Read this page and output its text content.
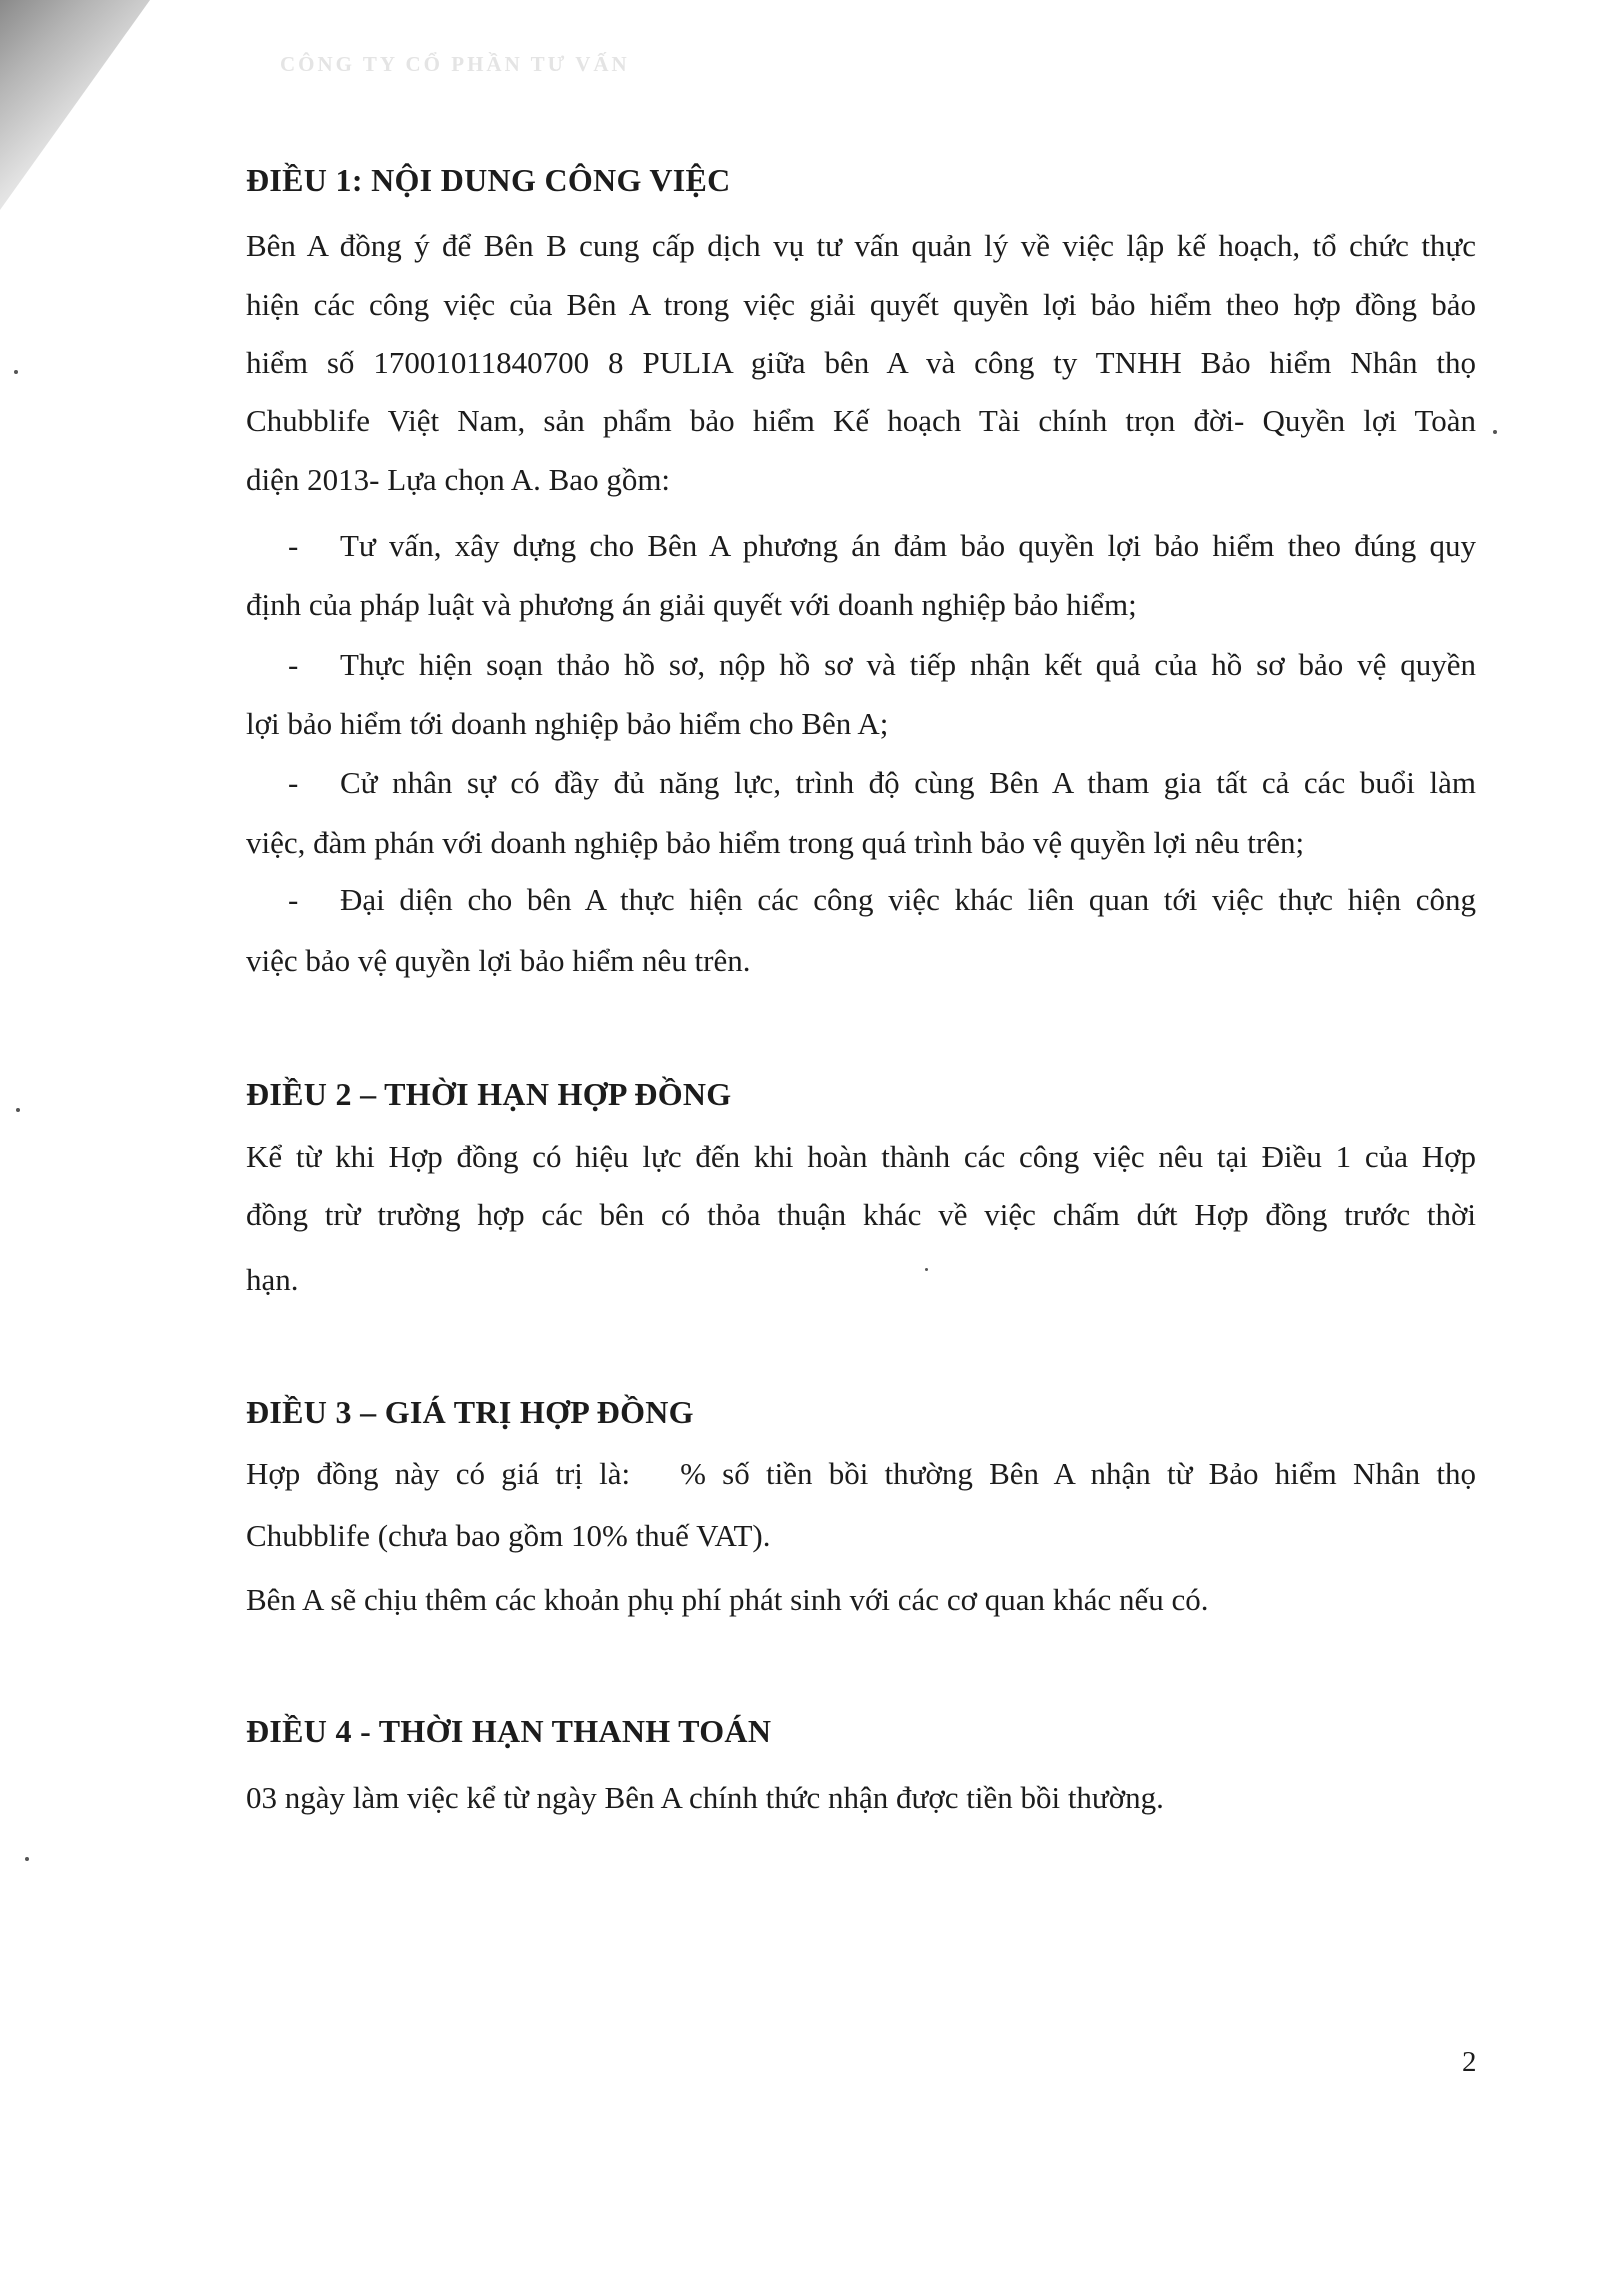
CÔNG TY CỔ PHẦN TƯ VẤN
ĐIỀU 1: NỘI DUNG CÔNG VIỆC
Bên A đồng ý để Bên B cung cấp dịch vụ tư vấn quản lý về việc lập kế hoạch, tổ chức thực
hiện các công việc của Bên A trong việc giải quyết quyền lợi bảo hiểm theo hợp đồng bảo
hiểm số 17001011840700 8 PULIA giữa bên A và công ty TNHH Bảo hiểm Nhân thọ
Chubblife Việt Nam, sản phẩm bảo hiểm Kế hoạch Tài chính trọn đời- Quyền lợi Toàn
diện 2013- Lựa chọn A. Bao gồm:
- Tư vấn, xây dựng cho Bên A phương án đảm bảo quyền lợi bảo hiểm theo đúng quy
định của pháp luật và phương án giải quyết với doanh nghiệp bảo hiểm;
- Thực hiện soạn thảo hồ sơ, nộp hồ sơ và tiếp nhận kết quả của hồ sơ bảo vệ quyền
lợi bảo hiểm tới doanh nghiệp bảo hiểm cho Bên A;
- Cử nhân sự có đầy đủ năng lực, trình độ cùng Bên A tham gia tất cả các buổi làm
việc, đàm phán với doanh nghiệp bảo hiểm trong quá trình bảo vệ quyền lợi nêu trên;
- Đại diện cho bên A thực hiện các công việc khác liên quan tới việc thực hiện công
việc bảo vệ quyền lợi bảo hiểm nêu trên.
ĐIỀU 2 – THỜI HẠN HỢP ĐỒNG
Kể từ khi Hợp đồng có hiệu lực đến khi hoàn thành các công việc nêu tại Điều 1 của Hợp
đồng trừ trường hợp các bên có thỏa thuận khác về việc chấm dứt Hợp đồng trước thời
hạn.
ĐIỀU 3 – GIÁ TRỊ HỢP ĐỒNG
Hợp đồng này có giá trị là: % số tiền bồi thường Bên A nhận từ Bảo hiểm Nhân thọ
Chubblife (chưa bao gồm 10% thuế VAT).
Bên A sẽ chịu thêm các khoản phụ phí phát sinh với các cơ quan khác nếu có.
ĐIỀU 4 - THỜI HẠN THANH TOÁN
03 ngày làm việc kể từ ngày Bên A chính thức nhận được tiền bồi thường.
2
